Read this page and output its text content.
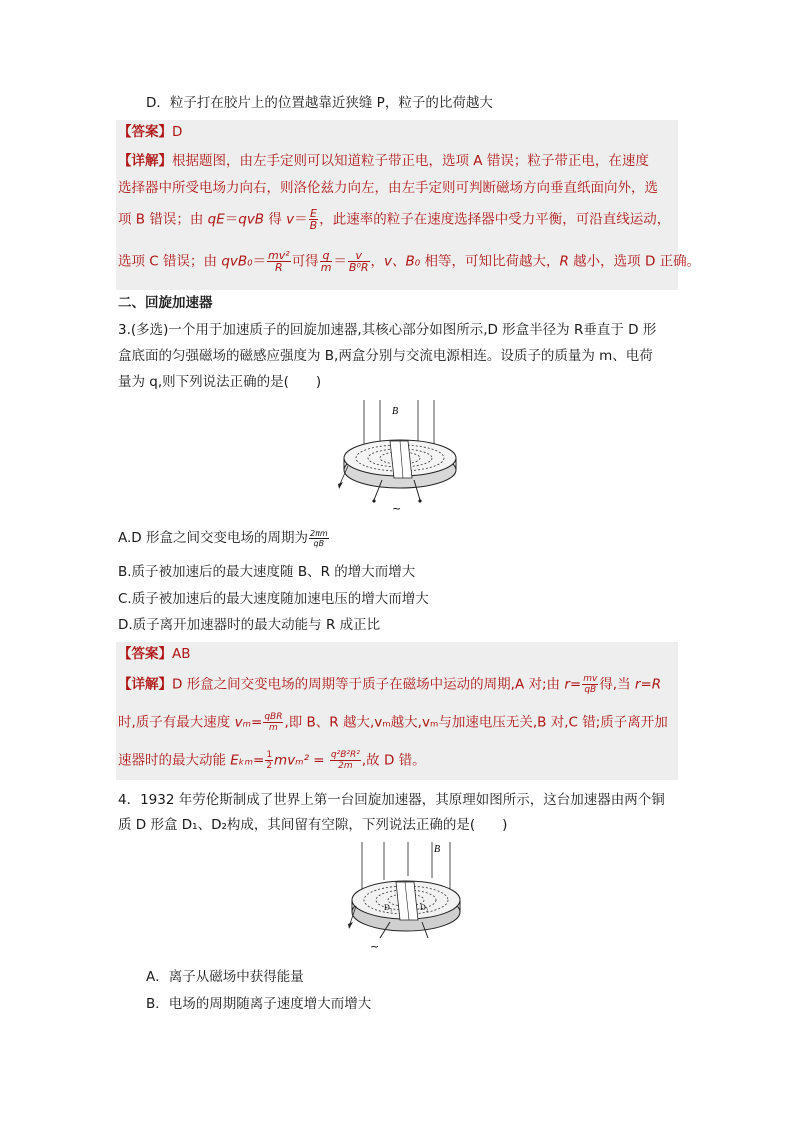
D．粒子打在胶片上的位置越靠近狭缝 P，粒子的比荷越大
【答案】D
【详解】根据题图，由左手定则可以知道粒子带正电，选项 A 错误；粒子带正电，在速度
选择器中所受电场力向右，则洛伦兹力向左，由左手定则可判断磁场方向垂直纸面向外，选
项 B 错误；由 qE＝qvB 得 $v= \frac{E}{B}$ ，此速率的粒子在速度选择器中受力平衡，可沿直线运动，
选项 C 错误；由 $qvB_0= \frac{\text{mv²}}{R}$ 可得 $\frac{q}{m} = \frac{v}{\text{B⁰R}}$ ，v、B₀ 相等，可知比荷越大，R 越小，选项 D 正确。
二、回旋加速器
3.(多选)一个用于加速质子的回旋加速器,其核心部分如图所示,D 形盒半径为 R垂直于 D 形
盒底面的匀强磁场的磁感应强度为 B,两盒分别与交流电源相连。设质子的质量为 m、电荷
量为 q,则下列说法正确的是(　　)
B
~
A.D 形盒之间交变电场的周期为 $\frac{2\pi m}{qB}$
B.质子被加速后的最大速度随 B、R 的增大而增大
C.质子被加速后的最大速度随加速电压的增大而增大
D.质子离开加速器时的最大动能与 R 成正比
【答案】AB
【详解】D 形盒之间交变电场的周期等于质子在磁场中运动的周期,A 对;由 $r= \frac{mv}{qB}$ 得,当 r=R
时,质子有最大速度 $v_m= \frac{\text{qBR}}{m}$ ,即 B、R 越大,vₘ越大,vₘ与加速电压无关,B 对,C 错;质子离开加
速器时的最大动能 $E_{km}= \frac{1}{2} mv_m^2 = \frac{\text{q²B²R²}}{2m}$ ,故 D 错。
4．1932 年劳伦斯制成了世界上第一台回旋加速器，其原理如图所示，这台加速器由两个铜
质 D 形盒 D₁、D₂构成，其间留有空隙，下列说法正确的是(　　)
B
D₁	D₂
~
A．离子从磁场中获得能量
B．电场的周期随离子速度增大而增大
